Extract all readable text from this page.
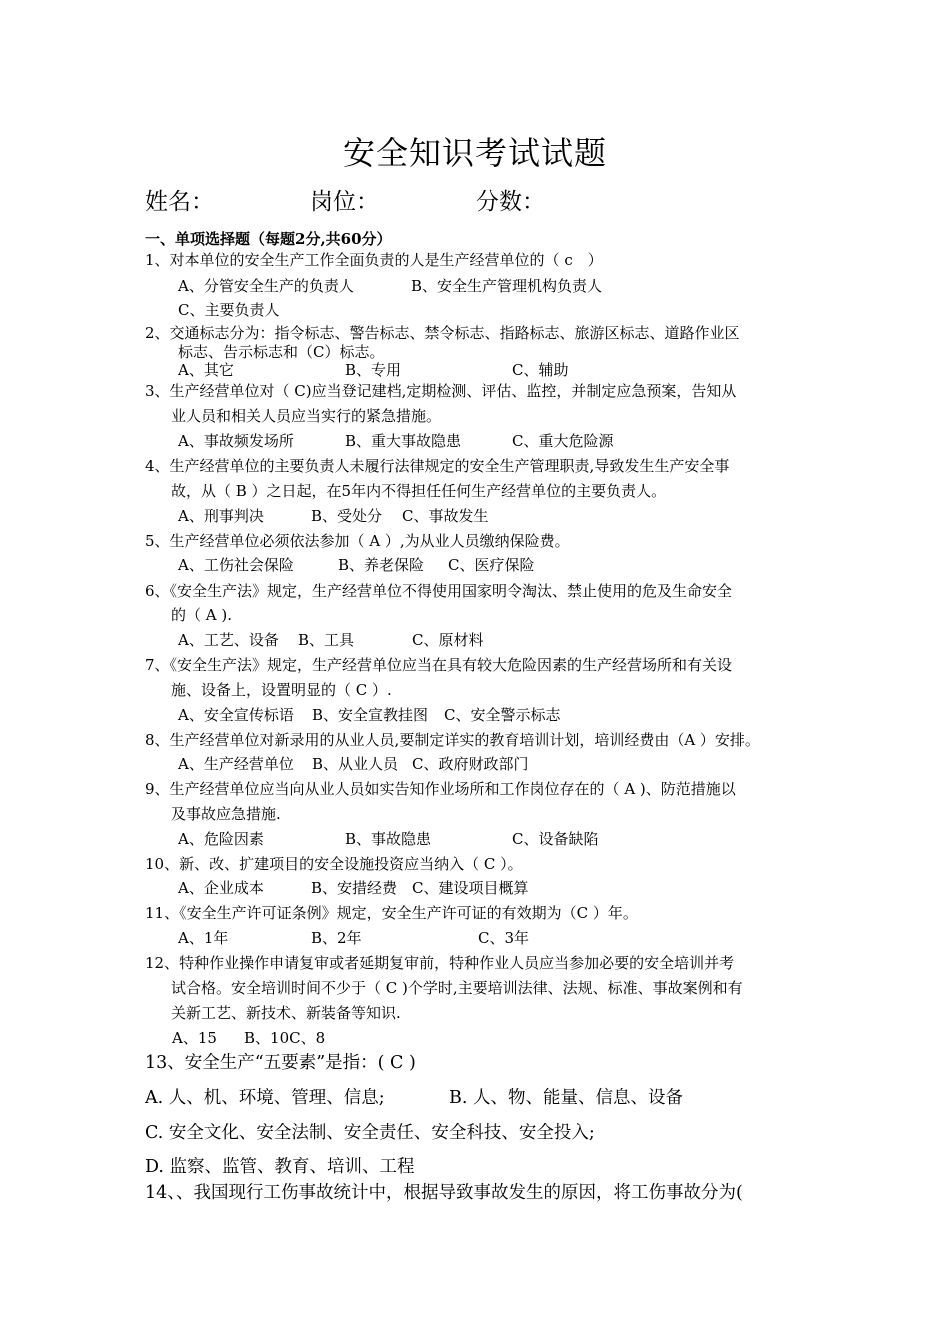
安全知识考试试题
姓名：	岗位：	分数：
一、单项选择题（每题2分,共60分）
1、对本单位的安全生产工作全面负责的人是生产经营单位的（ c　）
A、分管安全生产的负责人	B、安全生产管理机构负责人
C、主要负责人
2、交通标志分为：指令标志、警告标志、禁令标志、指路标志、旅游区标志、道路作业区
标志、告示标志和（C）标志。
A、其它	B、专用	C、辅助
3、生产经营单位对（ C)应当登记建档,定期检测、评估、监控，并制定应急预案，告知从
业人员和相关人员应当实行的紧急措施。
A、事故频发场所	B、重大事故隐患	C、重大危险源
4、生产经营单位的主要负责人未履行法律规定的安全生产管理职责,导致发生生产安全事
故，从（ B ）之日起，在5年内不得担任任何生产经营单位的主要负责人。
A、刑事判决	B、受处分 C、事故发生
5、生产经营单位必须依法参加（ A ）,为从业人员缴纳保险费。
A、工伤社会保险	B、养老保险 C、医疗保险
6、《安全生产法》规定，生产经营单位不得使用国家明令淘汰、禁止使用的危及生命安全
的（ A ).
A、工艺、设备 B、工具	C、原材料
7、《安全生产法》规定，生产经营单位应当在具有较大危险因素的生产经营场所和有关设
施、设备上，设置明显的（ C ）.
A、安全宣传标语 B、安全宣教挂图 C、安全警示标志
8、生产经营单位对新录用的从业人员,要制定详实的教育培训计划，培训经费由（A ）安排。
A、生产经营单位 B、从业人员 C、政府财政部门
9、生产经营单位应当向从业人员如实告知作业场所和工作岗位存在的（ A )、防范措施以
及事故应急措施.
A、危险因素	B、事故隐患	C、设备缺陷
10、新、改、扩建项目的安全设施投资应当纳入（ C ）。
A、企业成本	B、安措经费 C、建设项目概算
11、《安全生产许可证条例》规定，安全生产许可证的有效期为（C ）年。
A、1年	B、2年	C、3年
12、特种作业操作申请复审或者延期复审前，特种作业人员应当参加必要的安全培训并考
试合格。安全培训时间不少于（ C )个学时,主要培训法律、法规、标准、事故案例和有
关新工艺、新技术、新装备等知识.
A、15 B、10C、8
13、安全生产“五要素”是指：( C )
A. 人、机、环境、管理、信息;	B. 人、物、能量、信息、设备
C. 安全文化、安全法制、安全责任、安全科技、安全投入;
D. 监察、监管、教育、培训、工程
14、、我国现行工伤事故统计中，根据导致事故发生的原因，将工伤事故分为(
